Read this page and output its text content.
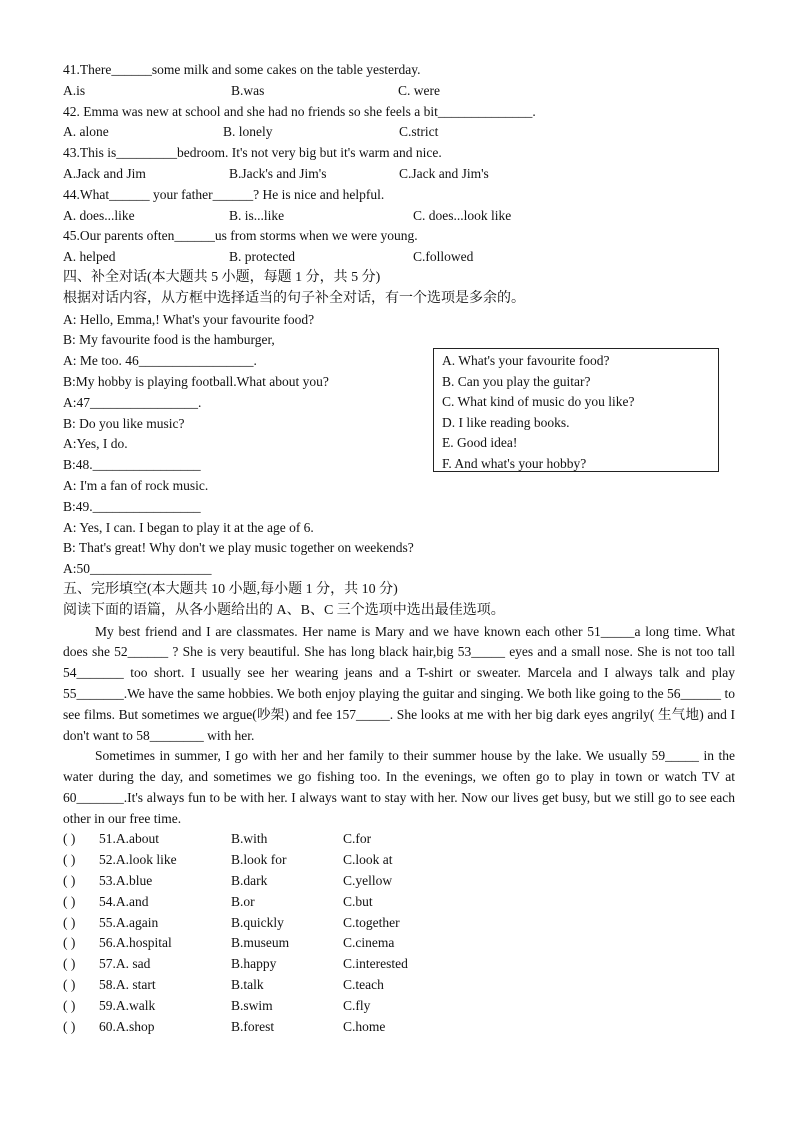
41.There______some milk and some cakes on the table yesterday.
A.is	B.was	C. were
42. Emma was new at school and she had no friends so she feels a bit______________.
A. alone	B. lonely	C.strict
43.This is_________bedroom. It's not very big but it's warm and nice.
A.Jack and Jim	B.Jack's and Jim's	C.Jack and Jim's
44.What______ your father______? He is nice and helpful.
A. does...like	B. is...like	C. does...look like
45.Our parents often______us from storms when we were young.
A. helped	B. protected	C.followed
四、补全对话(本大题共 5 小题，每题 1 分，共 5 分)
根据对话内容，从方框中选择适当的句子补全对话，有一个选项是多余的。
A: Hello, Emma,! What's your favourite food?
B: My favourite food is the hamburger,
A: Me too. 46_________________.
B:My hobby is playing football.What about you?
A:47________________.
B: Do you like music?
A:Yes, I do.
B:48.________________
A: I'm a fan of rock music.
B:49.________________
A: Yes, I can. I began to play it at the age of 6.
B: That's great! Why don't we play music together on weekends?
A:50__________________
A. What's your favourite food?
B. Can you play the guitar?
C. What kind of music do you like?
D. I like reading books.
E. Good idea!
F. And what's your hobby?
五、完形填空(本大题共 10 小题,每小题 1 分，共 10 分)
阅读下面的语篇，从各小题给出的 A、B、C 三个选项中选出最佳选项。

My best friend and I are classmates. Her name is Mary and we have known each other 51_____a long time. What does she 52______ ? She is very beautiful. She has long black hair,big 53_____ eyes and a small nose. She is not too tall 54_______ too short. I usually see her wearing jeans and a T-shirt or sweater. Marcela and I always talk and play 55_______.We have the same hobbies. We both enjoy playing the guitar and singing. We both like going to the 56______ to see films. But sometimes we argue(吵架) and fee 157_____. She looks at me with her big dark eyes angrily( 生气地) and I don't want to 58________ with her.

Sometimes in summer, I go with her and her family to their summer house by the lake. We usually 59_____ in the water during the day, and sometimes we go fishing too. In the evenings, we often go to play in town or watch TV at 60_______.It's always fun to be with her. I always want to stay with her. Now our lives get busy, but we still go to see each other in our free time.

( ) 51.A.about	B.with	C.for
( ) 52.A.look like	B.look for	C.look at
( ) 53.A.blue	B.dark	C.yellow
( ) 54.A.and	B.or	C.but
( ) 55.A.again	B.quickly	C.together
( ) 56.A.hospital	B.museum	C.cinema
( ) 57.A. sad	B.happy	C.interested
( ) 58.A. start	B.talk	C.teach
( ) 59.A.walk	B.swim	C.fly
( ) 60.A.shop	B.forest	C.home
